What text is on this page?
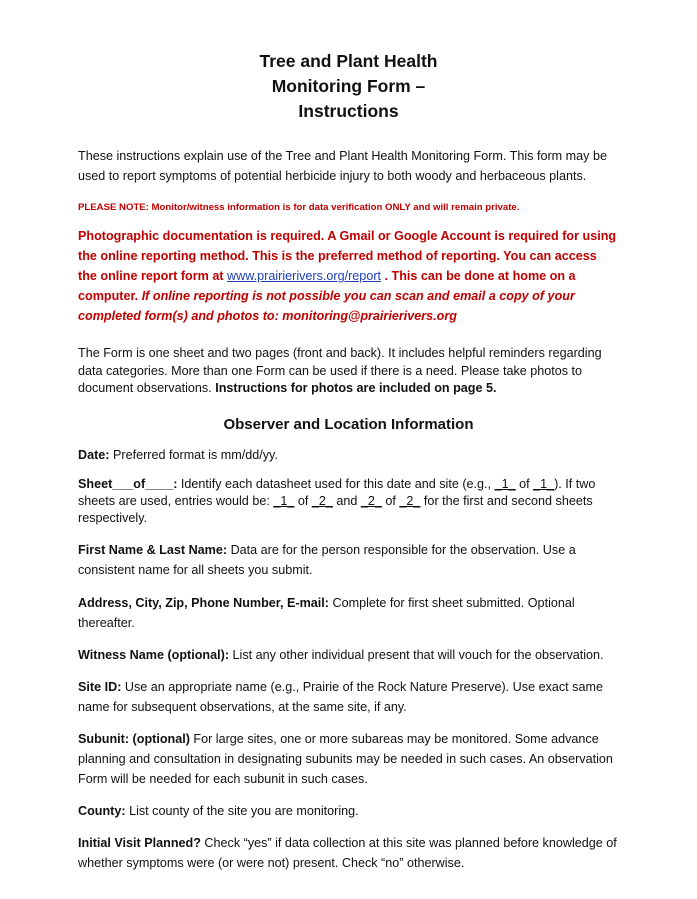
Tree and Plant Health
Monitoring Form –
Instructions

These instructions explain use of the Tree and Plant Health Monitoring Form. This form may be used to report symptoms of potential herbicide injury to both woody and herbaceous plants.

PLEASE NOTE: Monitor/witness information is for data verification ONLY and will remain private.

Photographic documentation is required. A Gmail or Google Account is required for using the online reporting method. This is the preferred method of reporting. You can access the online report form at www.prairierivers.org/report . This can be done at home on a computer. If online reporting is not possible you can scan and email a copy of your completed form(s) and photos to: monitoring@prairierivers.org

The Form is one sheet and two pages (front and back). It includes helpful reminders regarding data categories. More than one Form can be used if there is a need. Please take photos to document observations. Instructions for photos are included on page 5.

Observer and Location Information

Date: Preferred format is mm/dd/yy.

Sheet___of____: Identify each datasheet used for this date and site (e.g., _1_ of _1_). If two sheets are used, entries would be: _1_ of _2_ and _2_ of _2_ for the first and second sheets respectively.

First Name & Last Name: Data are for the person responsible for the observation. Use a consistent name for all sheets you submit.

Address, City, Zip, Phone Number, E-mail: Complete for first sheet submitted. Optional thereafter.

Witness Name (optional): List any other individual present that will vouch for the observation.

Site ID: Use an appropriate name (e.g., Prairie of the Rock Nature Preserve). Use exact same name for subsequent observations, at the same site, if any.

Subunit: (optional) For large sites, one or more subareas may be monitored. Some advance planning and consultation in designating subunits may be needed in such cases. An observation Form will be needed for each subunit in such cases.

County: List county of the site you are monitoring.

Initial Visit Planned? Check “yes” if data collection at this site was planned before knowledge of whether symptoms were (or were not) present. Check “no” otherwise.
